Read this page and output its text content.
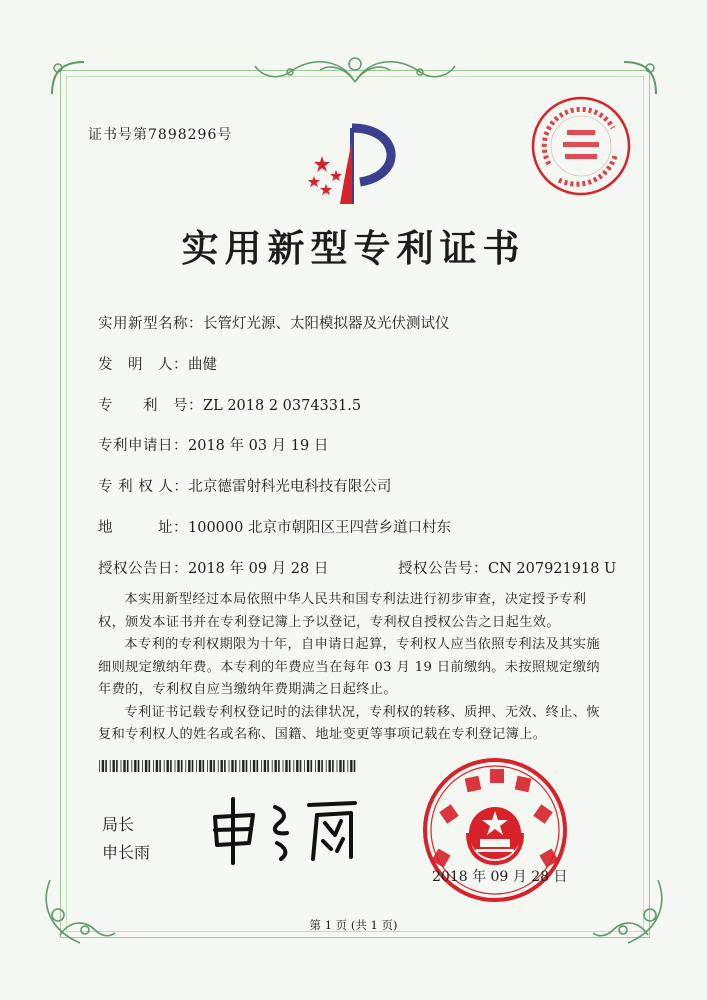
证书号第7898296号
实用新型专利证书
实用新型名称：长管灯光源、太阳模拟器及光伏测试仪
发　明　人：曲健
专　　利　号：ZL 2018 2 0374331.5
专利申请日：2018 年 03 月 19 日
专 利 权 人：北京德雷射科光电科技有限公司
地　　　址：100000 北京市朝阳区王四营乡道口村东
授权公告日：2018 年 09 月 28 日	授权公告号：CN 207921918 U

本实用新型经过本局依照中华人民共和国专利法进行初步审查，决定授予专利权，颁发本证书并在专利登记簿上予以登记，专利权自授权公告之日起生效。

本专利的专利权期限为十年，自申请日起算，专利权人应当依照专利法及其实施细则规定缴纳年费。本专利的年费应当在每年 03 月 19 日前缴纳。未按照规定缴纳年费的，专利权自应当缴纳年费期满之日起终止。

专利证书记载专利权登记时的法律状况，专利权的转移、质押、无效、终止、恢复和专利权人的姓名或名称、国籍、地址变更等事项记载在专利登记簿上。

局长
申长雨
2018 年 09 月 28 日
第 1 页 (共 1 页)
